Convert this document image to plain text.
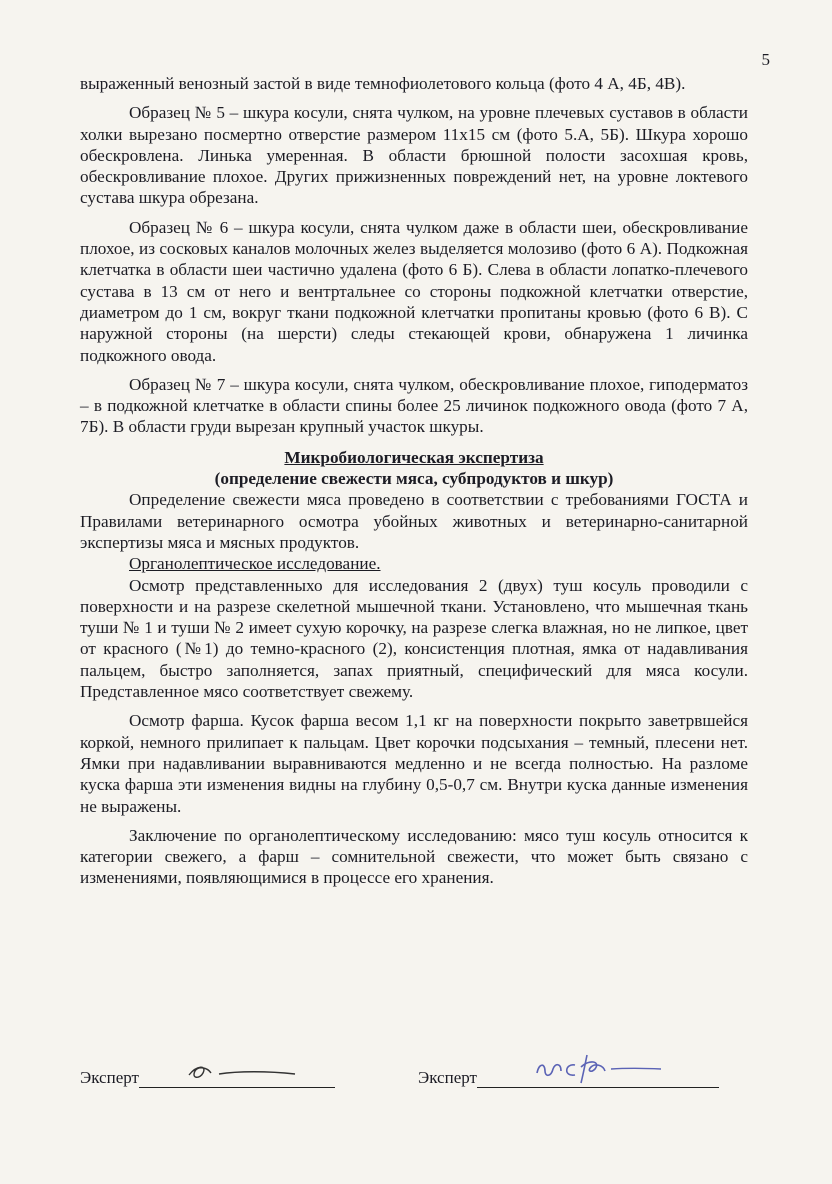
5

выраженный венозный застой в виде темнофиолетового кольца (фото 4 А, 4Б, 4В).

Образец № 5 – шкура косули, снята чулком, на уровне плечевых суставов в области холки вырезано посмертно отверстие размером 11х15 см (фото 5.А, 5Б). Шкура хорошо обескровлена. Линька умеренная. В области брюшной полости засохшая кровь, обескровливание плохое. Других прижизненных повреждений нет, на уровне локтевого сустава шкура обрезана.

Образец № 6 – шкура косули, снята чулком даже в области шеи, обескровливание плохое, из сосковых каналов молочных желез выделяется молозиво (фото 6 А). Подкожная клетчатка в области шеи частично удалена (фото 6 Б). Слева в области лопатко-плечевого сустава в 13 см от него и вентртальнее со стороны подкожной клетчатки отверстие, диаметром до 1 см, вокруг ткани подкожной клетчатки пропитаны кровью (фото 6 В). С наружной стороны (на шерсти) следы стекающей крови, обнаружена 1 личинка подкожного овода.

Образец № 7 – шкура косули, снята чулком, обескровливание плохое, гиподерматоз – в подкожной клетчатке в области спины более 25 личинок подкожного овода (фото 7 А, 7Б). В области груди вырезан крупный участок шкуры.

Микробиологическая экспертиза

(определение свежести мяса, субпродуктов и шкур)

Определение свежести мяса проведено в соответствии с требованиями ГОСТА и Правилами ветеринарного осмотра убойных животных и ветеринарно-санитарной экспертизы мяса и мясных продуктов.

Органолептическое исследование.

Осмотр представленныхо для исследования 2 (двух) туш косуль проводили с поверхности и на разрезе скелетной мышечной ткани. Установлено, что мышечная ткань туши № 1 и туши № 2 имеет сухую корочку, на разрезе слегка влажная, но не липкое, цвет от красного (№1) до темно-красного (2), консистенция плотная, ямка от надавливания пальцем, быстро заполняется, запах приятный, специфический для мяса косули. Представленное мясо соответствует свежему.

Осмотр фарша. Кусок фарша весом 1,1 кг на поверхности покрыто заветрвшейся коркой, немного прилипает к пальцам. Цвет корочки подсыхания – темный, плесени нет. Ямки при надавливании выравниваются медленно и не всегда полностью. На разломе куска фарша эти изменения видны на глубину 0,5-0,7 см. Внутри куска данные изменения не выражены.

Заключение по органолептическому исследованию: мясо туш косуль относится к категории свежего, а фарш – сомнительной свежести, что может быть связано с изменениями, появляющимися в процессе его хранения.

Эксперт	Эксперт
